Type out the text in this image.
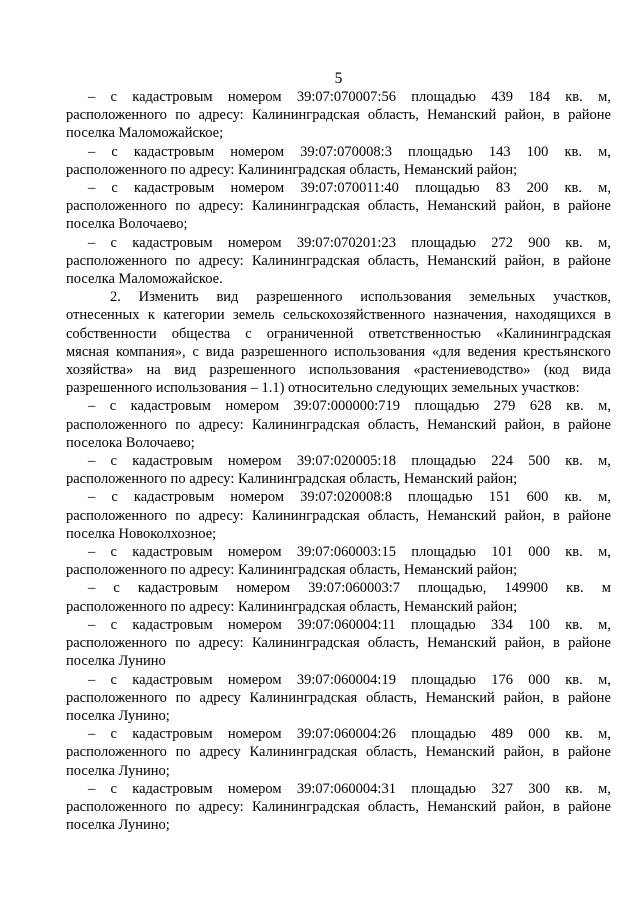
5
– с кадастровым номером 39:07:070007:56 площадью 439 184 кв. м,
расположенного по адресу: Калининградская область, Неманский район, в районе
поселка Маломожайское;
– с кадастровым номером 39:07:070008:3 площадью 143 100 кв. м,
расположенного по адресу: Калининградская область, Неманский район;
– с кадастровым номером 39:07:070011:40 площадью 83 200 кв. м,
расположенного по адресу: Калининградская область, Неманский район, в районе
поселка Волочаево;
– с кадастровым номером 39:07:070201:23 площадью 272 900 кв. м,
расположенного по адресу: Калининградская область, Неманский район, в районе
поселка Маломожайское.
2. Изменить вид разрешенного использования земельных участков,
отнесенных к категории земель сельскохозяйственного назначения, находящихся в
собственности общества с ограниченной ответственностью «Калининградская
мясная компания», с вида разрешенного использования «для ведения крестьянского
хозяйства» на вид разрешенного использования «растениеводство» (код вида
разрешенного использования – 1.1) относительно следующих земельных участков:
– с кадастровым номером 39:07:000000:719 площадью 279 628 кв. м,
расположенного по адресу: Калининградская область, Неманский район, в районе
поселока Волочаево;
– с кадастровым номером 39:07:020005:18 площадью 224 500 кв. м,
расположенного по адресу: Калининградская область, Неманский район;
– с кадастровым номером 39:07:020008:8 площадью 151 600 кв. м,
расположенного по адресу: Калининградская область, Неманский район, в районе
поселка Новоколхозное;
– с кадастровым номером 39:07:060003:15 площадью 101 000 кв. м,
расположенного по адресу: Калининградская область, Неманский район;
– с кадастровым номером 39:07:060003:7 площадью, 149900 кв. м
расположенного по адресу: Калининградская область, Неманский район;
– с кадастровым номером 39:07:060004:11 площадью 334 100 кв. м,
расположенного по адресу: Калининградская область, Неманский район, в районе
поселка Лунино
– с кадастровым номером 39:07:060004:19 площадью 176 000 кв. м,
расположенного по адресу Калининградская область, Неманский район, в районе
поселка Лунино;
– с кадастровым номером 39:07:060004:26 площадью 489 000 кв. м,
расположенного по адресу Калининградская область, Неманский район, в районе
поселка Лунино;
– с кадастровым номером 39:07:060004:31 площадью 327 300 кв. м,
расположенного по адресу: Калининградская область, Неманский район, в районе
поселка Лунино;
